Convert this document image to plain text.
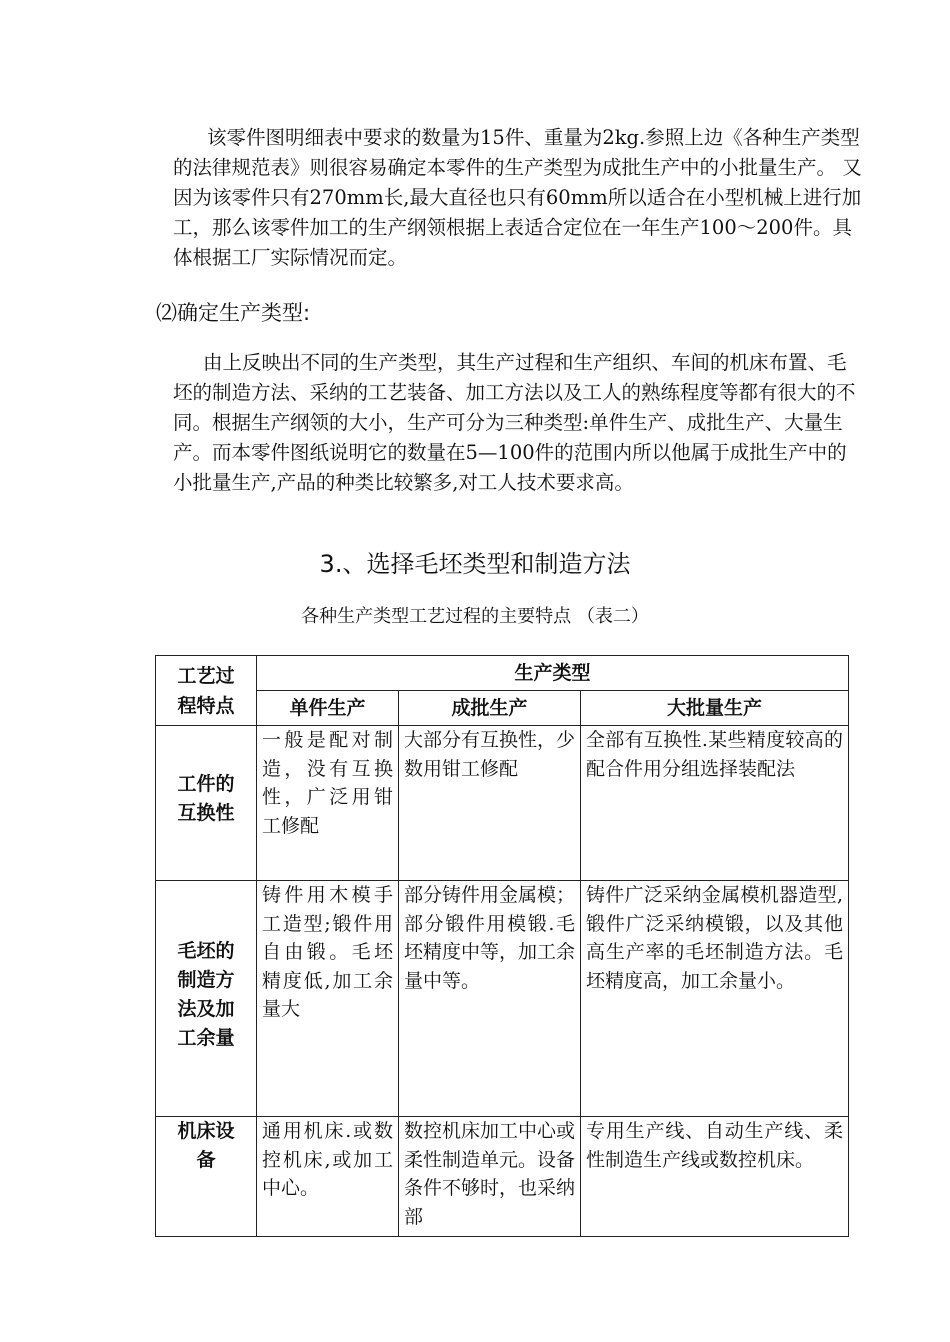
该零件图明细表中要求的数量为15件、重量为2kg.参照上边《各种生产类型的法律规范表》则很容易确定本零件的生产类型为成批生产中的小批量生产。 又因为该零件只有270mm长,最大直径也只有60mm所以适合在小型机械上进行加工，那么该零件加工的生产纲领根据上表适合定位在一年生产100～200件。具体根据工厂实际情况而定。
⑵确定生产类型:
由上反映出不同的生产类型，其生产过程和生产组织、车间的机床布置、毛坯的制造方法、采纳的工艺装备、加工方法以及工人的熟练程度等都有很大的不同。根据生产纲领的大小，生产可分为三种类型:单件生产、成批生产、大量生产。而本零件图纸说明它的数量在5—100件的范围内所以他属于成批生产中的小批量生产,产品的种类比较繁多,对工人技术要求高。
3.、选择毛坯类型和制造方法
各种生产类型工艺过程的主要特点 （表二）
工艺过程特点	生产类型		
	单件生产	成批生产	大批量生产

工件的互换性	一般是配对制造，没有互换性，广泛用钳工修配	大部分有互换性，少数用钳工修配	全部有互换性.某些精度较高的配合件用分组选择装配法

毛坯的制造方法及加工余量	铸件用木模手工造型;锻件用自由锻。毛坯精度低,加工余量大	部分铸件用金属模；部分锻件用模锻.毛坯精度中等，加工余量中等。	铸件广泛采纳金属模机器造型,锻件广泛采纳模锻，以及其他高生产率的毛坯制造方法。毛坯精度高，加工余量小。

机床设备	通用机床.或数控机床,或加工中心。	数控机床加工中心或柔性制造单元。设备条件不够时，也采纳部	专用生产线、自动生产线、柔性制造生产线或数控机床。
